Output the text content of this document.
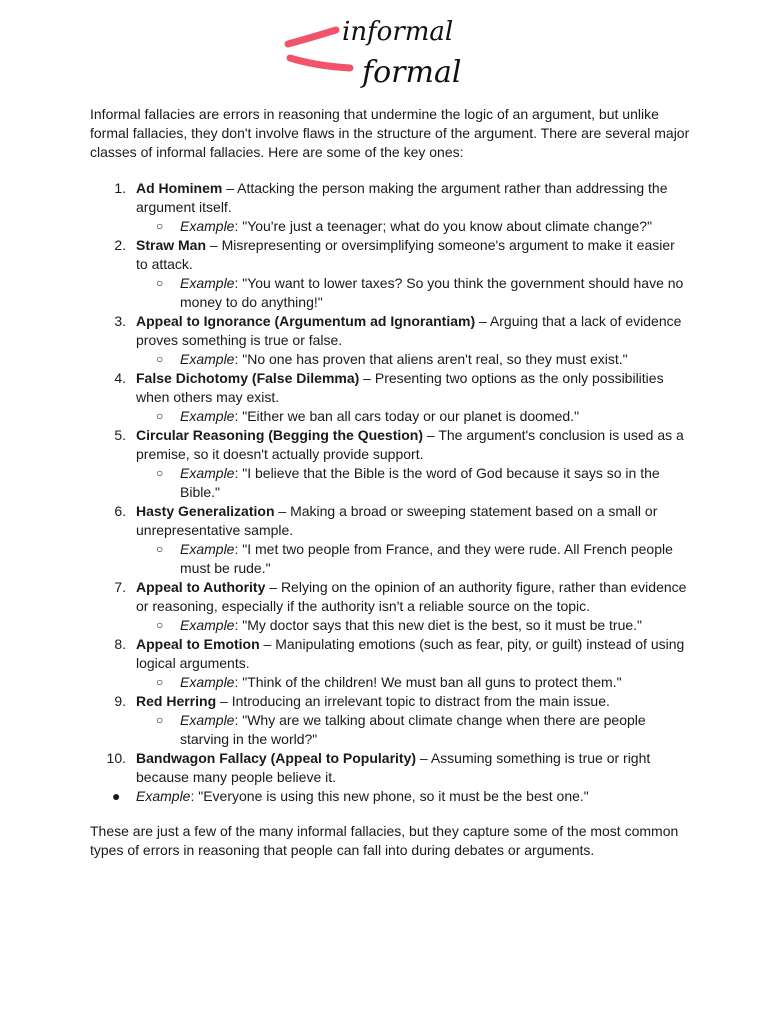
informal
formal

Informal fallacies are errors in reasoning that undermine the logic of an argument, but unlike formal fallacies, they don't involve flaws in the structure of the argument. There are several major classes of informal fallacies. Here are some of the key ones:

1. Ad Hominem – Attacking the person making the argument rather than addressing the argument itself.
○ Example: "You're just a teenager; what do you know about climate change?"
2. Straw Man – Misrepresenting or oversimplifying someone's argument to make it easier to attack.
○ Example: "You want to lower taxes? So you think the government should have no money to do anything!"
3. Appeal to Ignorance (Argumentum ad Ignorantiam) – Arguing that a lack of evidence proves something is true or false.
○ Example: "No one has proven that aliens aren't real, so they must exist."
4. False Dichotomy (False Dilemma) – Presenting two options as the only possibilities when others may exist.
○ Example: "Either we ban all cars today or our planet is doomed."
5. Circular Reasoning (Begging the Question) – The argument's conclusion is used as a premise, so it doesn't actually provide support.
○ Example: "I believe that the Bible is the word of God because it says so in the Bible."
6. Hasty Generalization – Making a broad or sweeping statement based on a small or unrepresentative sample.
○ Example: "I met two people from France, and they were rude. All French people must be rude."
7. Appeal to Authority – Relying on the opinion of an authority figure, rather than evidence or reasoning, especially if the authority isn't a reliable source on the topic.
○ Example: "My doctor says that this new diet is the best, so it must be true."
8. Appeal to Emotion – Manipulating emotions (such as fear, pity, or guilt) instead of using logical arguments.
○ Example: "Think of the children! We must ban all guns to protect them."
9. Red Herring – Introducing an irrelevant topic to distract from the main issue.
○ Example: "Why are we talking about climate change when there are people starving in the world?"
10. Bandwagon Fallacy (Appeal to Popularity) – Assuming something is true or right because many people believe it.
● Example: "Everyone is using this new phone, so it must be the best one."

These are just a few of the many informal fallacies, but they capture some of the most common types of errors in reasoning that people can fall into during debates or arguments.
